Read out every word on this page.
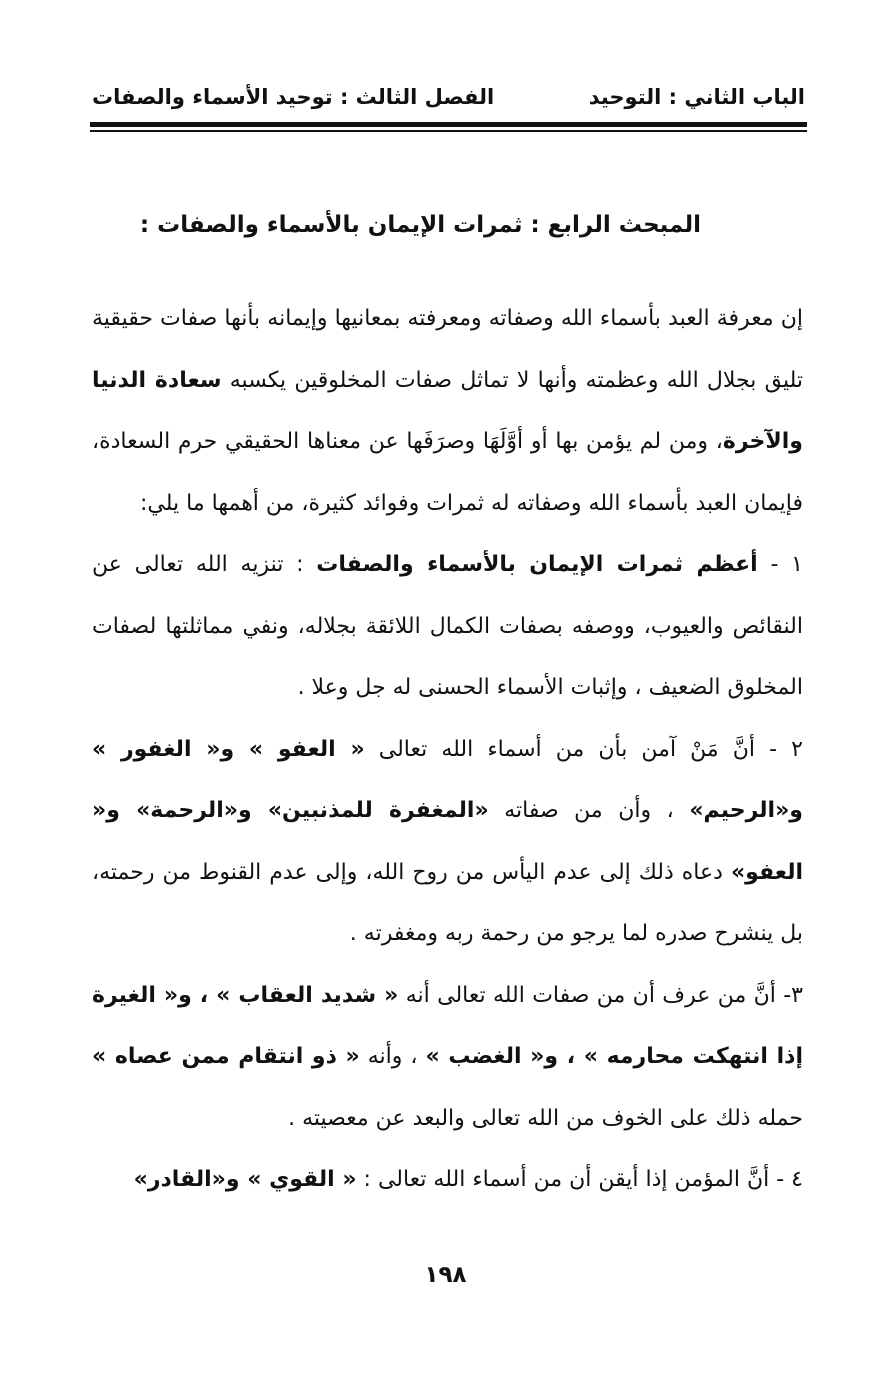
الباب الثاني : التوحيد
الفصل الثالث : توحيد الأسماء والصفات
المبحث الرابع : ثمرات الإيمان بالأسماء والصفات :

إن معرفة العبد بأسماء الله وصفاته ومعرفته بمعانيها وإيمانه بأنها صفات حقيقية تليق بجلال الله وعظمته وأنها لا تماثل صفات المخلوقين يكسبه سعادة الدنيا والآخرة، ومن لم يؤمن بها أو أوَّلَهَا وصرَفَها عن معناها الحقيقي حرم السعادة، فإيمان العبد بأسماء الله وصفاته له ثمرات وفوائد كثيرة، من أهمها ما يلي:

١ - أعظم ثمرات الإيمان بالأسماء والصفات : تنزيه الله تعالى عن النقائص والعيوب، ووصفه بصفات الكمال اللائقة بجلاله، ونفي مماثلتها لصفات المخلوق الضعيف ، وإثبات الأسماء الحسنى له جل وعلا .

٢ - أنَّ مَنْ آمن بأن من أسماء الله تعالى « العفو » و« الغفور » و«الرحيم» ، وأن من صفاته «المغفرة للمذنبين» و«الرحمة» و« العفو» دعاه ذلك إلى عدم اليأس من روح الله، وإلى عدم القنوط من رحمته، بل ينشرح صدره لما يرجو من رحمة ربه ومغفرته .

٣- أنَّ من عرف أن من صفات الله تعالى أنه « شديد العقاب » ، و« الغيرة إذا انتهكت محارمه » ، و« الغضب » ، وأنه « ذو انتقام ممن عصاه » حمله ذلك على الخوف من الله تعالى والبعد عن معصيته .

٤ - أنَّ المؤمن إذا أيقن أن من أسماء الله تعالى : « القوي » و«القادر»

١٩٨
